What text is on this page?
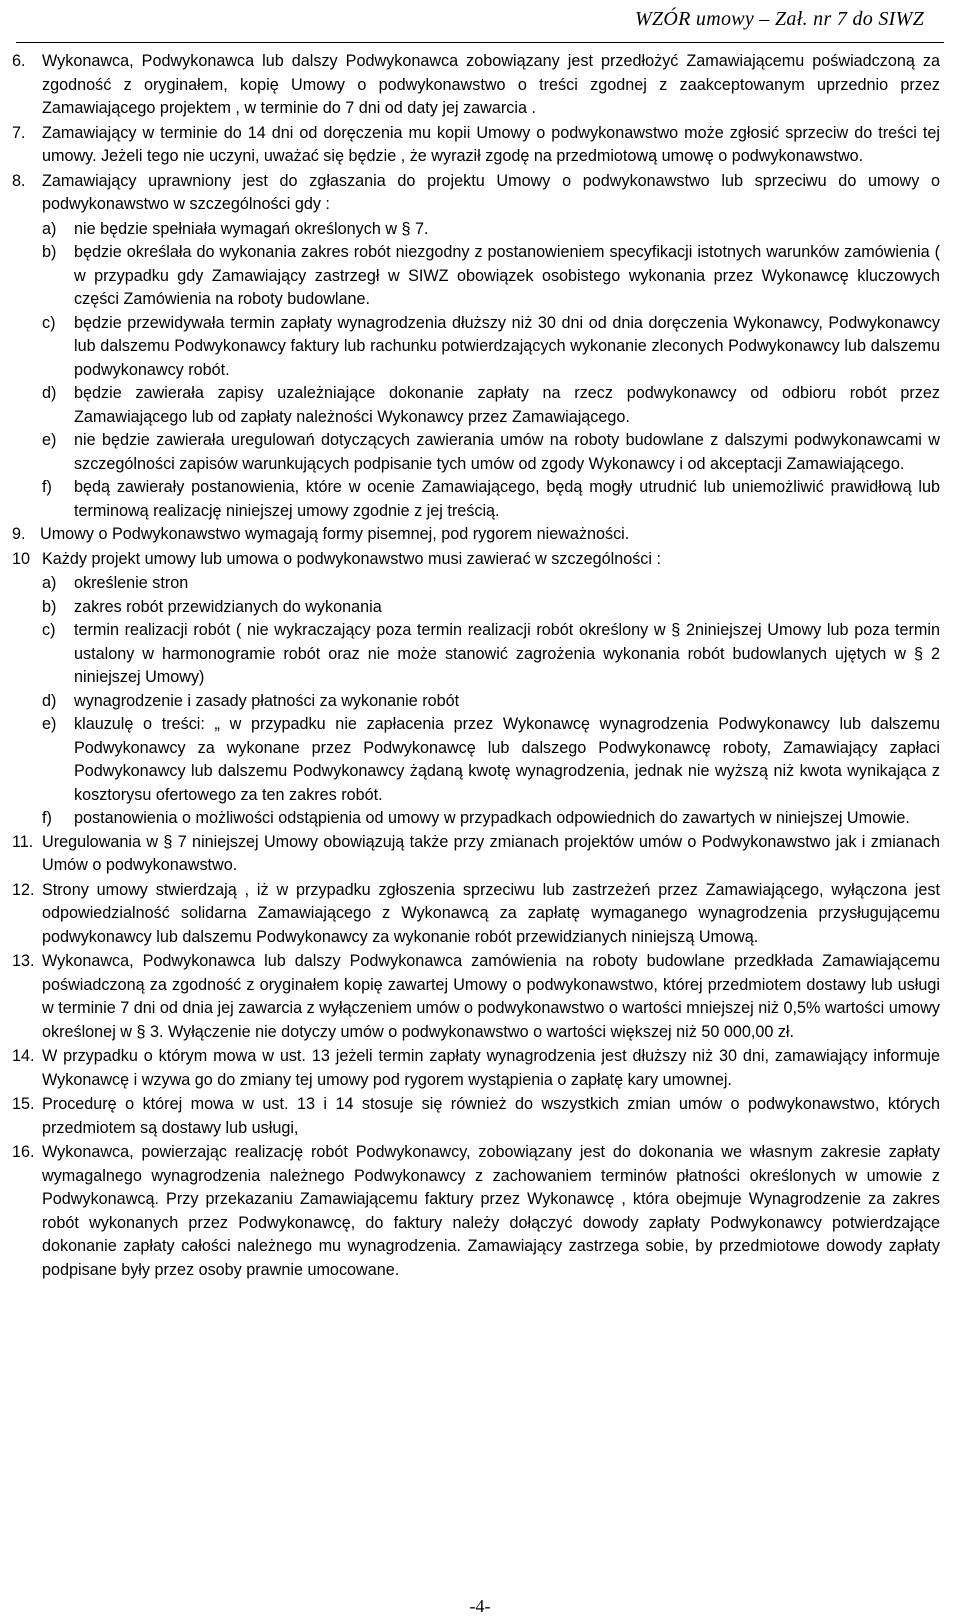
WZÓR umowy – Zał. nr 7 do SIWZ
6. Wykonawca, Podwykonawca lub dalszy Podwykonawca zobowiązany jest przedłożyć Zamawiającemu poświadczoną za zgodność z oryginałem, kopię Umowy o podwykonawstwo o treści zgodnej z zaakceptowanym uprzednio przez Zamawiającego projektem , w terminie do 7 dni od daty jej zawarcia .
7. Zamawiający w terminie do 14 dni od doręczenia mu kopii Umowy o podwykonawstwo może zgłosić sprzeciw do treści tej umowy. Jeżeli tego nie uczyni, uważać się będzie , że wyraził zgodę na przedmiotową umowę o podwykonawstwo.
8. Zamawiający uprawniony jest do zgłaszania do projektu Umowy o podwykonawstwo lub sprzeciwu do umowy o podwykonawstwo w szczególności gdy :
a) nie będzie spełniała wymagań określonych w § 7.
b) będzie określała do wykonania zakres robót niezgodny z postanowieniem specyfikacji istotnych warunków zamówienia ( w przypadku gdy Zamawiający zastrzegł w SIWZ obowiązek osobistego wykonania przez Wykonawcę kluczowych części Zamówienia na roboty budowlane.
c) będzie przewidywała termin zapłaty wynagrodzenia dłuższy niż 30 dni od dnia doręczenia Wykonawcy, Podwykonawcy lub dalszemu Podwykonawcy faktury lub rachunku potwierdzających wykonanie zleconych Podwykonawcy lub dalszemu podwykonawcy robót.
d) będzie zawierała zapisy uzależniające dokonanie zapłaty na rzecz podwykonawcy od odbioru robót przez Zamawiającego lub od zapłaty należności Wykonawcy przez Zamawiającego.
e) nie będzie zawierała uregulowań dotyczących zawierania umów na roboty budowlane z dalszymi podwykonawcami w szczególności zapisów warunkujących podpisanie tych umów od zgody Wykonawcy i od akceptacji Zamawiającego.
f) będą zawierały postanowienia, które w ocenie Zamawiającego, będą mogły utrudnić lub uniemożliwić prawidłową lub terminową realizację niniejszej umowy zgodnie z jej treścią.
9. Umowy o Podwykonawstwo wymagają formy pisemnej, pod rygorem nieważności.
10 Każdy projekt umowy lub umowa o podwykonawstwo musi zawierać w szczególności :
a) określenie stron
b) zakres robót przewidzianych do wykonania
c) termin realizacji robót ( nie wykraczający poza termin realizacji robót określony w § 2niniejszej Umowy lub poza termin ustalony w harmonogramie robót oraz nie może stanowić zagrożenia wykonania robót budowlanych ujętych w § 2 niniejszej Umowy)
d) wynagrodzenie i zasady płatności za wykonanie robót
e) klauzulę o treści: „ w przypadku nie zapłacenia przez Wykonawcę wynagrodzenia Podwykonawcy lub dalszemu Podwykonawcy za wykonane przez Podwykonawcę lub dalszego Podwykonawcę roboty, Zamawiający zapłaci Podwykonawcy lub dalszemu Podwykonawcy żądaną kwotę wynagrodzenia, jednak nie wyższą niż kwota wynikająca z kosztorysu ofertowego za ten zakres robót.
f) postanowienia o możliwości odstąpienia od umowy w przypadkach odpowiednich do zawartych w niniejszej Umowie.
11. Uregulowania w § 7 niniejszej Umowy obowiązują także przy zmianach projektów umów o Podwykonawstwo jak i zmianach Umów o podwykonawstwo.
12. Strony umowy stwierdzają , iż w przypadku zgłoszenia sprzeciwu lub zastrzeżeń przez Zamawiającego, wyłączona jest odpowiedzialność solidarna Zamawiającego z Wykonawcą za zapłatę wymaganego wynagrodzenia przysługującemu podwykonawcy lub dalszemu Podwykonawcy za wykonanie robót przewidzianych niniejszą Umową.
13. Wykonawca, Podwykonawca lub dalszy Podwykonawca zamówienia na roboty budowlane przedkłada Zamawiającemu poświadczoną za zgodność z oryginałem kopię zawartej Umowy o podwykonawstwo, której przedmiotem dostawy lub usługi w terminie 7 dni od dnia jej zawarcia z wyłączeniem umów o podwykonawstwo o wartości mniejszej niż 0,5% wartości umowy określonej w § 3. Wyłączenie nie dotyczy umów o podwykonawstwo o wartości większej niż 50 000,00 zł.
14. W przypadku o którym mowa w ust. 13 jeżeli termin zapłaty wynagrodzenia jest dłuższy niż 30 dni, zamawiający informuje Wykonawcę i wzywa go do zmiany tej umowy pod rygorem wystąpienia o zapłatę kary umownej.
15. Procedurę o której mowa w ust. 13 i 14 stosuje się również do wszystkich zmian umów o podwykonawstwo, których przedmiotem są dostawy lub usługi,
16. Wykonawca, powierzając realizację robót Podwykonawcy, zobowiązany jest do dokonania we własnym zakresie zapłaty wymagalnego wynagrodzenia należnego Podwykonawcy z zachowaniem terminów płatności określonych w umowie z Podwykonawcą. Przy przekazaniu Zamawiającemu faktury przez Wykonawcę , która obejmuje Wynagrodzenie za zakres robót wykonanych przez Podwykonawcę, do faktury należy dołączyć dowody zapłaty Podwykonawcy potwierdzające dokonanie zapłaty całości należnego mu wynagrodzenia. Zamawiający zastrzega sobie, by przedmiotowe dowody zapłaty podpisane były przez osoby prawnie umocowane.
-4-
